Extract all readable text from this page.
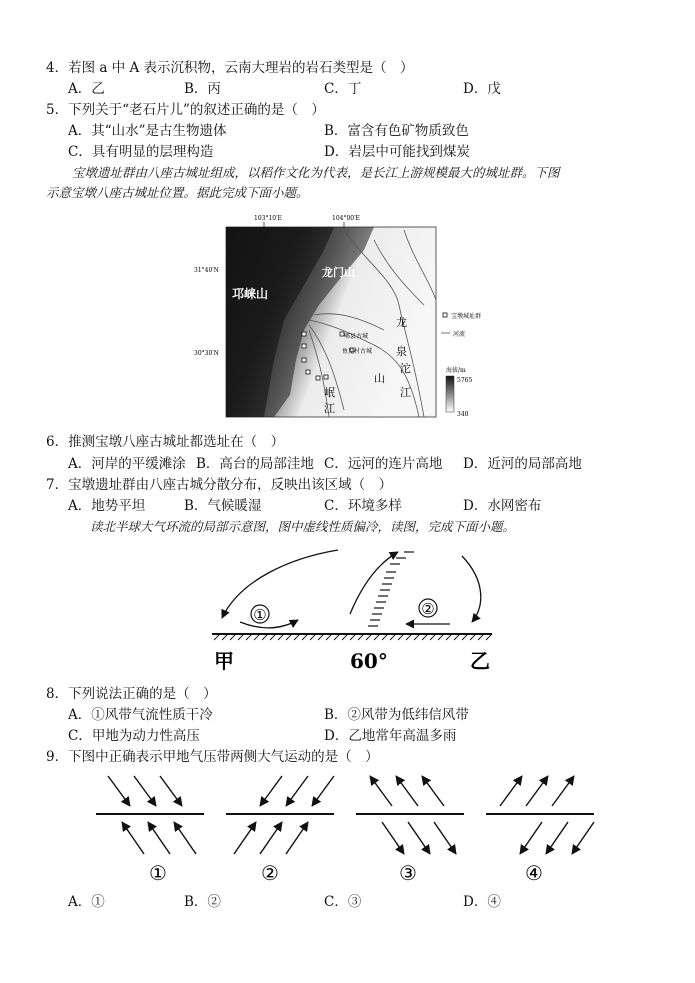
4．若图 a 中 A 表示沉积物，云南大理岩的岩石类型是（　）
A．乙	B．丙	C．丁	D．戊
5．下列关于“老石片儿”的叙述正确的是（　）
A．其“山水”是古生物遗体	B．富含有色矿物质致色
C．具有明显的层理构造	D．岩层中可能找到煤炭
宝墩遗址群由八座古城址组成，以稻作文化为代表，是长江上游规模最大的城址群。下图
示意宝墩八座古城址位置。据此完成下面小题。
103°10′E	104°00′E
31°40′N
30°30′N
邛崃山
龙门山
龙
泉
山
沱
江
岷
江
郫县古城
鱼凫村古城
宝墩城址群
河流
海拔/m
5765
340
6．推测宝墩八座古城址都选址在（　）
A．河岸的平缓滩涂 B．高台的局部洼地 C．远河的连片高地 D．近河的局部高地
7．宝墩遗址群由八座古城分散分布，反映出该区域（　）
A．地势平坦	B．气候暖湿	C．环境多样	D．水网密布
读北半球大气环流的局部示意图，图中虚线性质偏冷，读图，完成下面小题。
①	②
甲	60°	乙
8．下列说法正确的是（　）
A．①风带气流性质干冷	B．②风带为低纬信风带
C．甲地为动力性高压	D．乙地常年高温多雨
9．下图中正确表示甲地气压带两侧大气运动的是（　）
①	②	③	④
A．①	B．②	C．③	D．④
